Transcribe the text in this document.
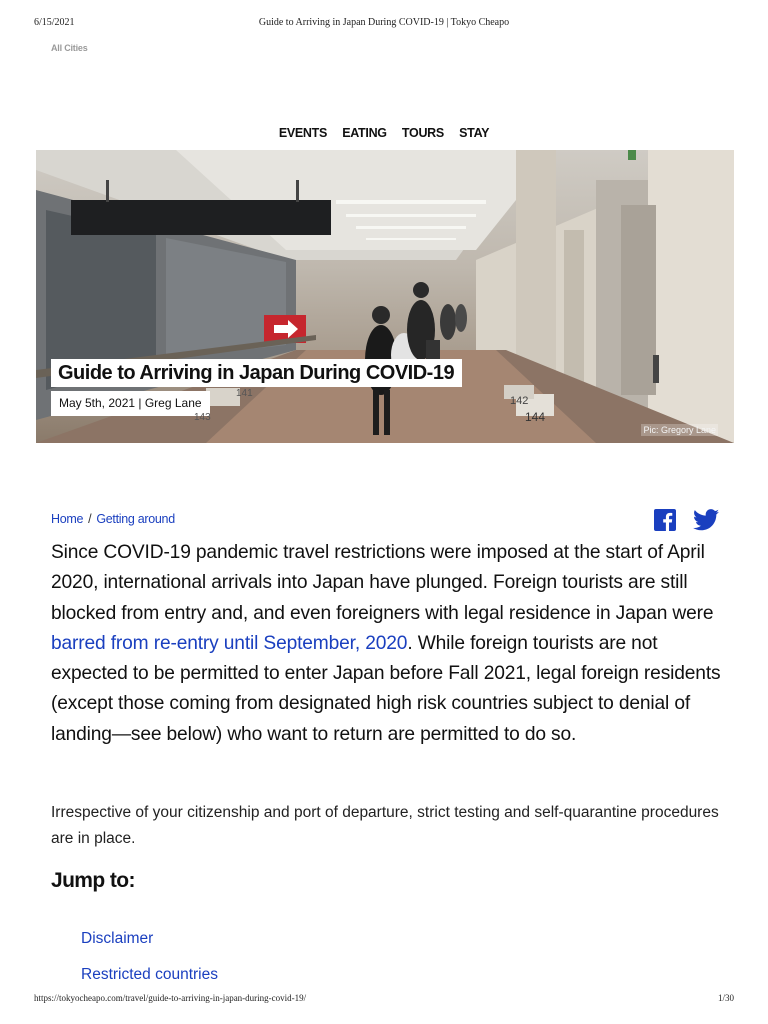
6/15/2021	Guide to Arriving in Japan During COVID-19 | Tokyo Cheapo
All Cities
EVENTS EATING TOURS STAY
Pic: Gregory Lane
Guide to Arriving in Japan During COVID-19
May 5th, 2021 | Greg Lane	142
144
141
143
Home / Getting around

Since COVID-19 pandemic travel restrictions were imposed at the start of April 2020, international arrivals into Japan have plunged. Foreign tourists are still blocked from entry and, and even foreigners with legal residence in Japan were barred from re-entry until September, 2020. While foreign tourists are not expected to be permitted to enter Japan before Fall 2021, legal foreign residents (except those coming from designated high risk countries subject to denial of landing—see below) who want to return are permitted to do so.

Irrespective of your citizenship and port of departure, strict testing and self-quarantine procedures are in place.

Jump to:
Disclaimer
Restricted countries
https://tokyocheapo.com/travel/guide-to-arriving-in-japan-during-covid-19/	1/30
